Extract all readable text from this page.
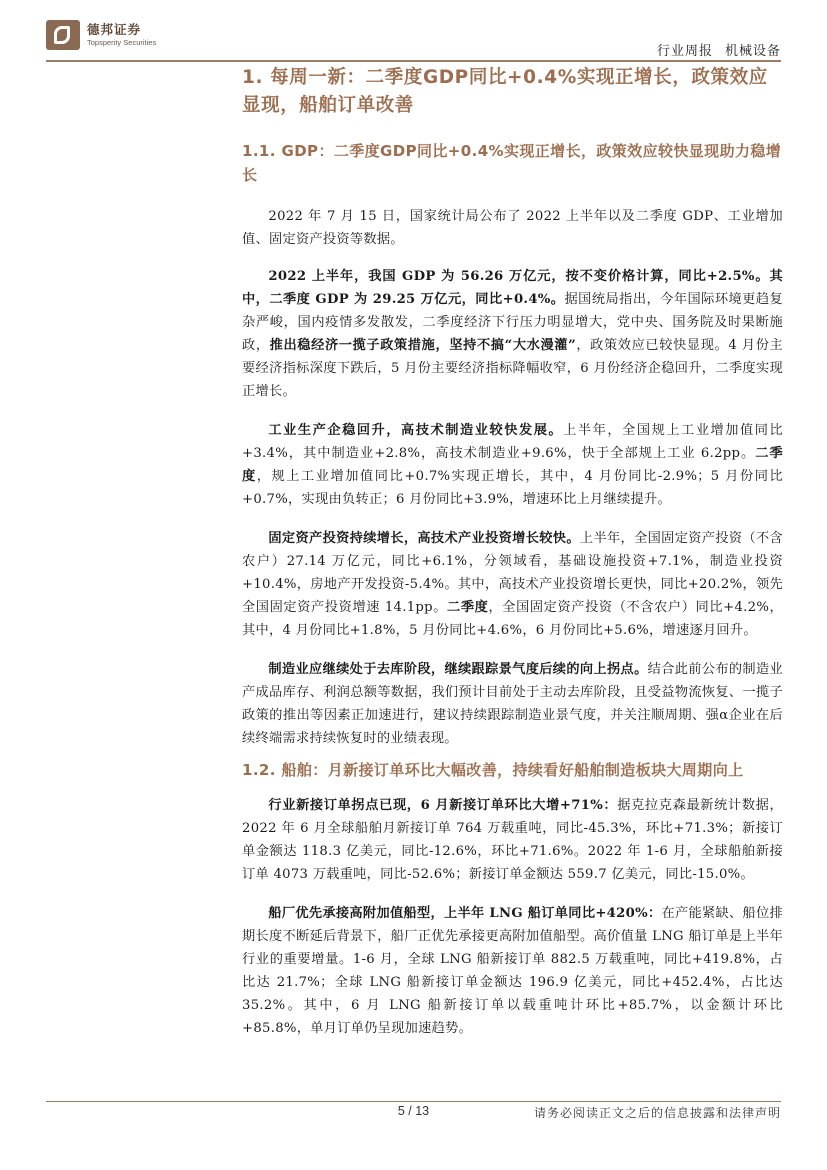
德邦证券
Topsperity Securities
行业周报 机械设备
1. 每周一新：二季度GDP同比+0.4%实现正增长，政策效应显现，船舶订单改善
1.1. GDP：二季度GDP同比+0.4%实现正增长，政策效应较快显现助力稳增长

2022 年 7 月 15 日，国家统计局公布了 2022 上半年以及二季度 GDP、工业增加值、固定资产投资等数据。

2022 上半年，我国 GDP 为 56.26 万亿元，按不变价格计算，同比+2.5%。其中，二季度 GDP 为 29.25 万亿元，同比+0.4%。据国统局指出，今年国际环境更趋复杂严峻，国内疫情多发散发，二季度经济下行压力明显增大，党中央、国务院及时果断施政，推出稳经济一揽子政策措施，坚持不搞“大水漫灌”，政策效应已较快显现。4 月份主要经济指标深度下跌后，5 月份主要经济指标降幅收窄，6 月份经济企稳回升，二季度实现正增长。

工业生产企稳回升，高技术制造业较快发展。上半年，全国规上工业增加值同比+3.4%，其中制造业+2.8%，高技术制造业+9.6%，快于全部规上工业 6.2pp。二季度，规上工业增加值同比+0.7%实现正增长，其中，4 月份同比-2.9%；5 月份同比+0.7%，实现由负转正；6 月份同比+3.9%，增速环比上月继续提升。

固定资产投资持续增长，高技术产业投资增长较快。上半年，全国固定资产投资（不含农户）27.14 万亿元，同比+6.1%，分领域看，基础设施投资+7.1%，制造业投资+10.4%，房地产开发投资-5.4%。其中，高技术产业投资增长更快，同比+20.2%，领先全国固定资产投资增速 14.1pp。二季度，全国固定资产投资（不含农户）同比+4.2%，其中，4 月份同比+1.8%，5 月份同比+4.6%，6 月份同比+5.6%，增速逐月回升。

制造业应继续处于去库阶段，继续跟踪景气度后续的向上拐点。结合此前公布的制造业产成品库存、利润总额等数据，我们预计目前处于主动去库阶段，且受益物流恢复、一揽子政策的推出等因素正加速进行，建议持续跟踪制造业景气度，并关注顺周期、强α企业在后续终端需求持续恢复时的业绩表现。

1.2. 船舶：月新接订单环比大幅改善，持续看好船舶制造板块大周期向上

行业新接订单拐点已现，6 月新接订单环比大增+71%：据克拉克森最新统计数据，2022 年 6 月全球船舶月新接订单 764 万载重吨，同比-45.3%，环比+71.3%；新接订单金额达 118.3 亿美元，同比-12.6%，环比+71.6%。2022 年 1-6 月，全球船舶新接订单 4073 万载重吨，同比-52.6%；新接订单金额达 559.7 亿美元，同比-15.0%。

船厂优先承接高附加值船型，上半年 LNG 船订单同比+420%：在产能紧缺、船位排期长度不断延后背景下，船厂正优先承接更高附加值船型。高价值量 LNG 船订单是上半年行业的重要增量。1-6 月，全球 LNG 船新接订单 882.5 万载重吨，同比+419.8%，占比达 21.7%；全球 LNG 船新接订单金额达 196.9 亿美元，同比+452.4%，占比达 35.2%。其中，6 月 LNG 船新接订单以载重吨计环比+85.7%，以金额计环比+85.8%，单月订单仍呈现加速趋势。

5 / 13	请务必阅读正文之后的信息披露和法律声明
